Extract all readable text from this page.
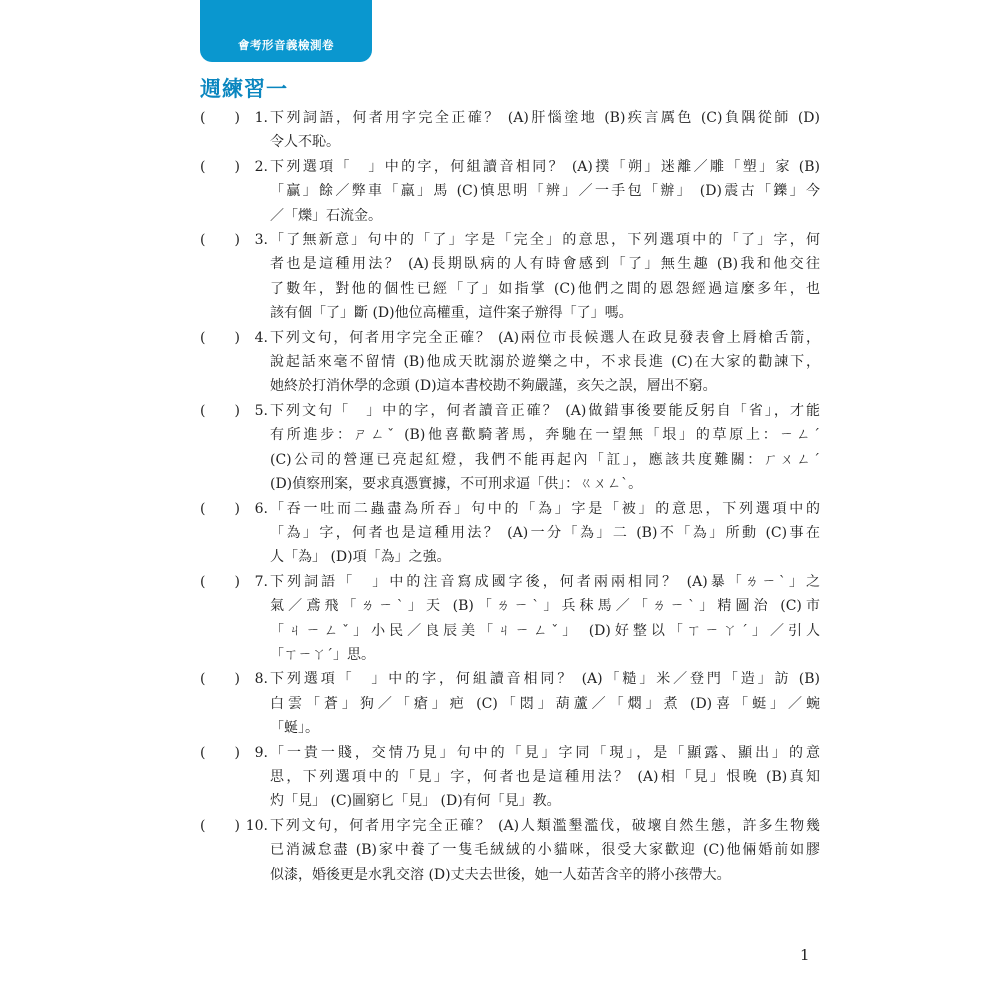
會考形音義檢測卷
週練習一
( )	1. 下列詞語，何者用字完全正確？ (A)肝惱塗地 (B)疾言厲色 (C)負隅從師 (D)
令人不恥。
( )	2. 下列選項「　」中的字，何組讀音相同？ (A)撲「朔」迷離／雕「塑」家 (B)
「贏」餘／弊車「羸」馬 (C)慎思明「辨」／一手包「辦」 (D)震古「鑠」今
／「爍」石流金。
( )	3. 「了無新意」句中的「了」字是「完全」的意思，下列選項中的「了」字，何
者也是這種用法？ (A)長期臥病的人有時會感到「了」無生趣 (B)我和他交往
了數年，對他的個性已經「了」如指掌 (C)他們之間的恩怨經過這麼多年，也
該有個「了」斷 (D)他位高權重，這件案子辦得「了」嗎。
( )	4. 下列文句，何者用字完全正確？ (A)兩位市長候選人在政見發表會上脣槍舌箭，
說起話來毫不留情 (B)他成天眈溺於遊樂之中，不求長進 (C)在大家的勸諫下，
她終於打消休學的念頭 (D)這本書校勘不夠嚴謹，亥矢之誤，層出不窮。
( )	5. 下列文句「　」中的字，何者讀音正確？ (A)做錯事後要能反躬自「省」，才能
有所進步：ㄕㄥˇ (B)他喜歡騎著馬，奔馳在一望無「垠」的草原上：ㄧㄥˊ
(C)公司的營運已亮起紅燈，我們不能再起內「訌」，應該共度難關：ㄏㄨㄥˊ
(D)偵察刑案，要求真憑實據，不可刑求逼「供」：ㄍㄨㄥˋ。
( )	6. 「吞一吐而二蟲盡為所吞」句中的「為」字是「被」的意思，下列選項中的
「為」字，何者也是這種用法？ (A)一分「為」二 (B)不「為」所動 (C)事在
人「為」 (D)項「為」之強。
( )	7. 下列詞語「　」中的注音寫成國字後，何者兩兩相同？ (A)暴「ㄌㄧˋ」之
氣／鳶飛「ㄌㄧˋ」天 (B)「ㄌㄧˋ」兵秣馬／「ㄌㄧˋ」精圖治 (C)市
「ㄐㄧㄥˇ」小民／良辰美「ㄐㄧㄥˇ」 (D)好整以「ㄒㄧㄚˊ」／引人
「ㄒㄧㄚˊ」思。
( )	8. 下列選項「　」中的字，何組讀音相同？ (A)「糙」米／登門「造」訪 (B)
白雲「蒼」狗／「瘡」疤 (C)「悶」葫蘆／「燜」煮 (D)喜「蜓」／蜿
「蜒」。
( )	9. 「一貴一賤，交情乃見」句中的「見」字同「現」，是「顯露、顯出」的意
思，下列選項中的「見」字，何者也是這種用法？ (A)相「見」恨晚 (B)真知
灼「見」 (C)圖窮匕「見」 (D)有何「見」教。
( ) 10. 下列文句，何者用字完全正確？ (A)人類濫墾濫伐，破壞自然生態，許多生物幾
已消滅怠盡 (B)家中養了一隻毛絨絨的小貓咪，很受大家歡迎 (C)他倆婚前如膠
似漆，婚後更是水乳交溶 (D)丈夫去世後，她一人茹苦含辛的將小孩帶大。
1
